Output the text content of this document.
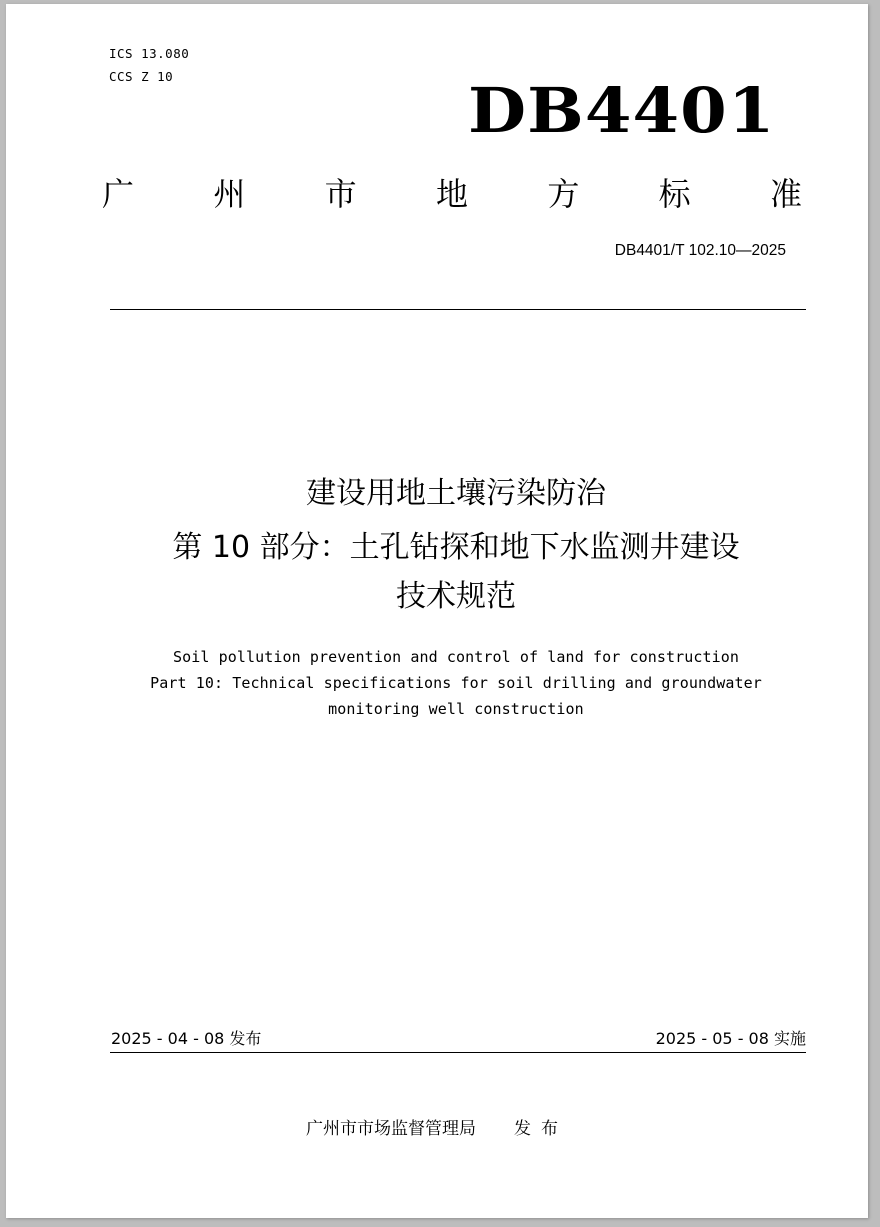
ICS 13.080
CCS Z 10	DB4401
广 州 市 地 方 标 准
DB4401/T 102.10—2025
建设用地土壤污染防治
第 10 部分：土孔钻探和地下水监测井建设
技术规范
Soil pollution prevention and control of land for construction
Part 10: Technical specifications for soil drilling and groundwater
monitoring well construction
2025 - 04 - 08 发布	2025 - 05 - 08 实施
广州市市场监督管理局 发布
